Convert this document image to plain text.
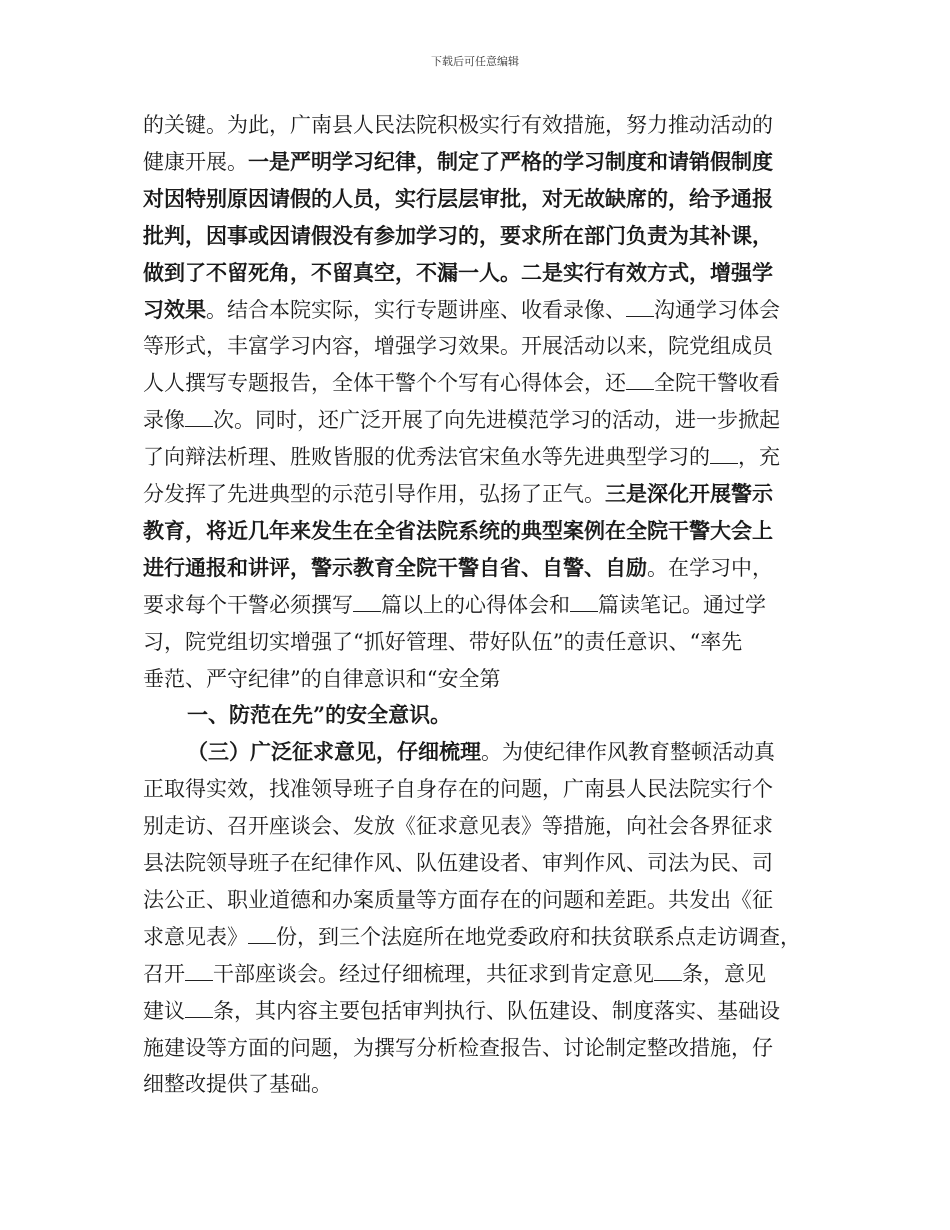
下载后可任意编辑
的关键。为此，广南县人民法院积极实行有效措施，努力推动活动的
健康开展。一是严明学习纪律，制定了严格的学习制度和请销假制度
对因特别原因请假的人员，实行层层审批，对无故缺席的，给予通报
批判，因事或因请假没有参加学习的，要求所在部门负责为其补课，
做到了不留死角，不留真空，不漏一人。二是实行有效方式，增强学
习效果。结合本院实际，实行专题讲座、收看录像、 沟通学习体会
等形式，丰富学习内容，增强学习效果。开展活动以来，院党组成员
人人撰写专题报告，全体干警个个写有心得体会，还 全院干警收看
录像 次。同时，还广泛开展了向先进模范学习的活动，进一步掀起
了向辩法析理、胜败皆服的优秀法官宋鱼水等先进典型学习的 ，充
分发挥了先进典型的示范引导作用，弘扬了正气。三是深化开展警示
教育，将近几年来发生在全省法院系统的典型案例在全院干警大会上
进行通报和讲评，警示教育全院干警自省、自警、自励。在学习中，
要求每个干警必须撰写 篇以上的心得体会和 篇读笔记。通过学
习，院党组切实增强了“抓好管理、带好队伍”的责任意识、“率先
垂范、严守纪律”的自律意识和“安全第
一、防范在先”的安全意识。
（三）广泛征求意见，仔细梳理。为使纪律作风教育整顿活动真
正取得实效，找准领导班子自身存在的问题，广南县人民法院实行个
别走访、召开座谈会、发放《征求意见表》等措施，向社会各界征求
县法院领导班子在纪律作风、队伍建设者、审判作风、司法为民、司
法公正、职业道德和办案质量等方面存在的问题和差距。共发出《征
求意见表》 份，到三个法庭所在地党委政府和扶贫联系点走访调查，
召开 干部座谈会。经过仔细梳理，共征求到肯定意见 条，意见
建议 条，其内容主要包括审判执行、队伍建设、制度落实、基础设
施建设等方面的问题，为撰写分析检查报告、讨论制定整改措施，仔
细整改提供了基础。
